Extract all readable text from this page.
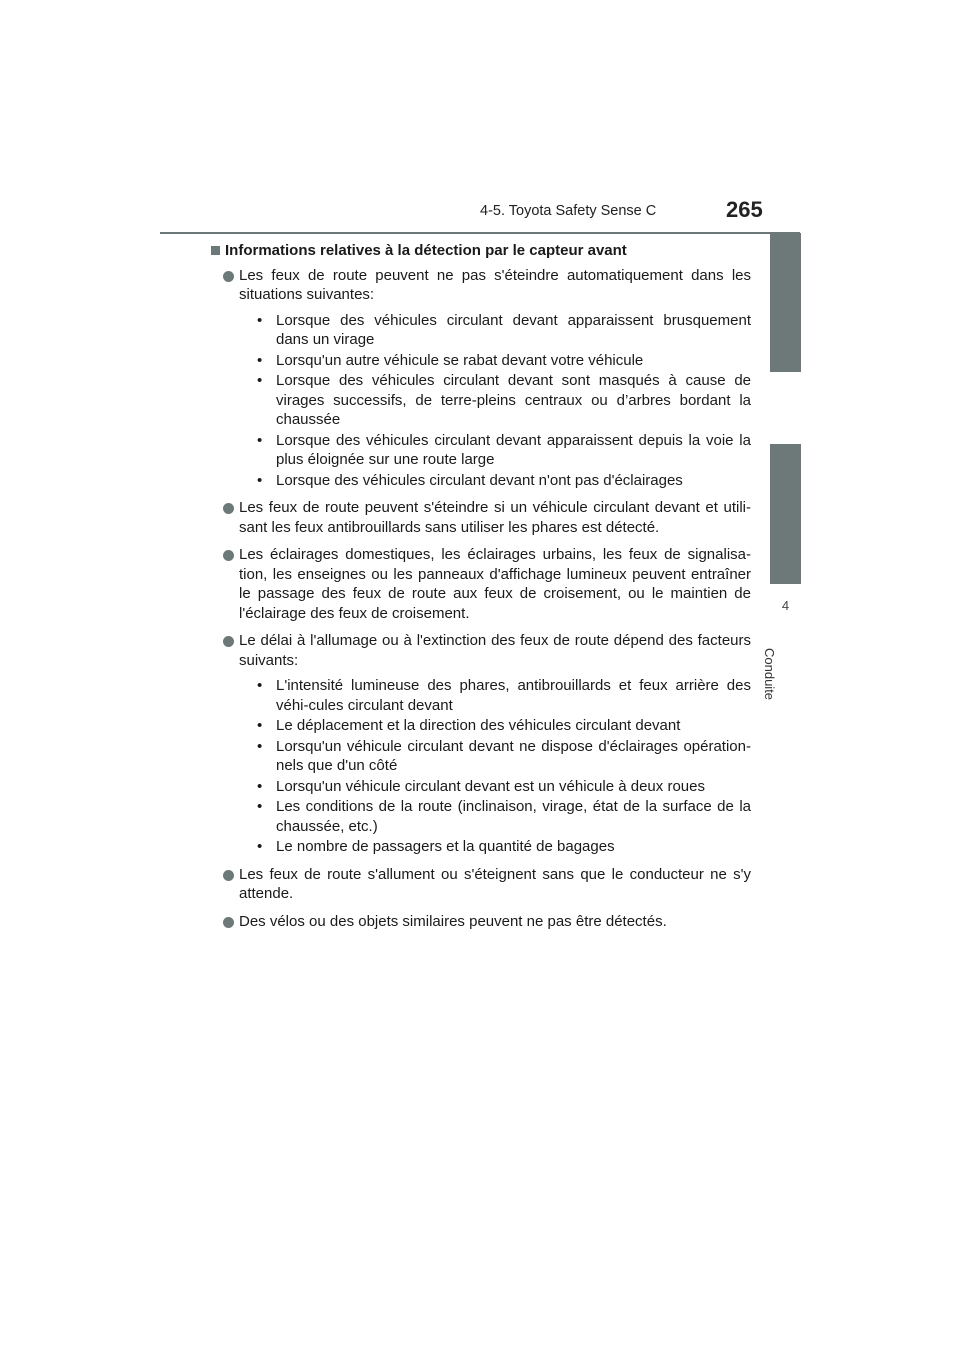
4-5. Toyota Safety Sense C	265
4
Conduite
Informations relatives à la détection par le capteur avant
Les feux de route peuvent ne pas s'éteindre automatiquement dans les situations suivantes:
• Lorsque des véhicules circulant devant apparaissent brusquement dans un virage
• Lorsqu'un autre véhicule se rabat devant votre véhicule
• Lorsque des véhicules circulant devant sont masqués à cause de virages successifs, de terre-pleins centraux ou d’arbres bordant la chaussée
• Lorsque des véhicules circulant devant apparaissent depuis la voie la plus éloignée sur une route large
• Lorsque des véhicules circulant devant n'ont pas d'éclairages
Les feux de route peuvent s'éteindre si un véhicule circulant devant et utili-sant les feux antibrouillards sans utiliser les phares est détecté.
Les éclairages domestiques, les éclairages urbains, les feux de signalisa-tion, les enseignes ou les panneaux d'affichage lumineux peuvent entraîner le passage des feux de route aux feux de croisement, ou le maintien de l'éclairage des feux de croisement.
Le délai à l'allumage ou à l'extinction des feux de route dépend des facteurs suivants:
• L'intensité lumineuse des phares, antibrouillards et feux arrière des véhi-cules circulant devant
• Le déplacement et la direction des véhicules circulant devant
• Lorsqu'un véhicule circulant devant ne dispose d'éclairages opération-nels que d'un côté
• Lorsqu'un véhicule circulant devant est un véhicule à deux roues
• Les conditions de la route (inclinaison, virage, état de la surface de la chaussée, etc.)
• Le nombre de passagers et la quantité de bagages
Les feux de route s'allument ou s'éteignent sans que le conducteur ne s'y attende.
Des vélos ou des objets similaires peuvent ne pas être détectés.
